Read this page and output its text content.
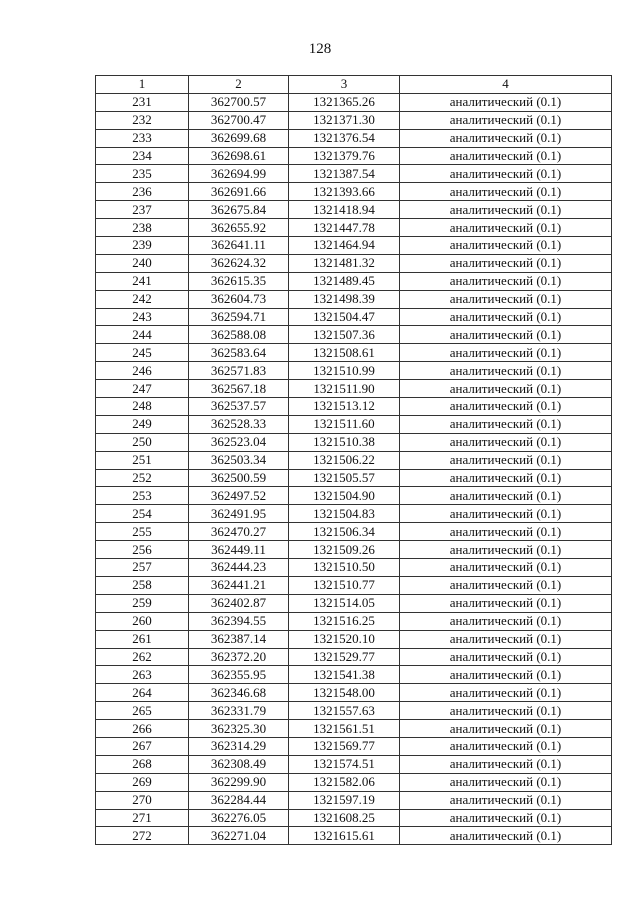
128
1	2	3	4
231	362700.57	1321365.26	аналитический (0.1)
232	362700.47	1321371.30	аналитический (0.1)
233	362699.68	1321376.54	аналитический (0.1)
234	362698.61	1321379.76	аналитический (0.1)
235	362694.99	1321387.54	аналитический (0.1)
236	362691.66	1321393.66	аналитический (0.1)
237	362675.84	1321418.94	аналитический (0.1)
238	362655.92	1321447.78	аналитический (0.1)
239	362641.11	1321464.94	аналитический (0.1)
240	362624.32	1321481.32	аналитический (0.1)
241	362615.35	1321489.45	аналитический (0.1)
242	362604.73	1321498.39	аналитический (0.1)
243	362594.71	1321504.47	аналитический (0.1)
244	362588.08	1321507.36	аналитический (0.1)
245	362583.64	1321508.61	аналитический (0.1)
246	362571.83	1321510.99	аналитический (0.1)
247	362567.18	1321511.90	аналитический (0.1)
248	362537.57	1321513.12	аналитический (0.1)
249	362528.33	1321511.60	аналитический (0.1)
250	362523.04	1321510.38	аналитический (0.1)
251	362503.34	1321506.22	аналитический (0.1)
252	362500.59	1321505.57	аналитический (0.1)
253	362497.52	1321504.90	аналитический (0.1)
254	362491.95	1321504.83	аналитический (0.1)
255	362470.27	1321506.34	аналитический (0.1)
256	362449.11	1321509.26	аналитический (0.1)
257	362444.23	1321510.50	аналитический (0.1)
258	362441.21	1321510.77	аналитический (0.1)
259	362402.87	1321514.05	аналитический (0.1)
260	362394.55	1321516.25	аналитический (0.1)
261	362387.14	1321520.10	аналитический (0.1)
262	362372.20	1321529.77	аналитический (0.1)
263	362355.95	1321541.38	аналитический (0.1)
264	362346.68	1321548.00	аналитический (0.1)
265	362331.79	1321557.63	аналитический (0.1)
266	362325.30	1321561.51	аналитический (0.1)
267	362314.29	1321569.77	аналитический (0.1)
268	362308.49	1321574.51	аналитический (0.1)
269	362299.90	1321582.06	аналитический (0.1)
270	362284.44	1321597.19	аналитический (0.1)
271	362276.05	1321608.25	аналитический (0.1)
272	362271.04	1321615.61	аналитический (0.1)
